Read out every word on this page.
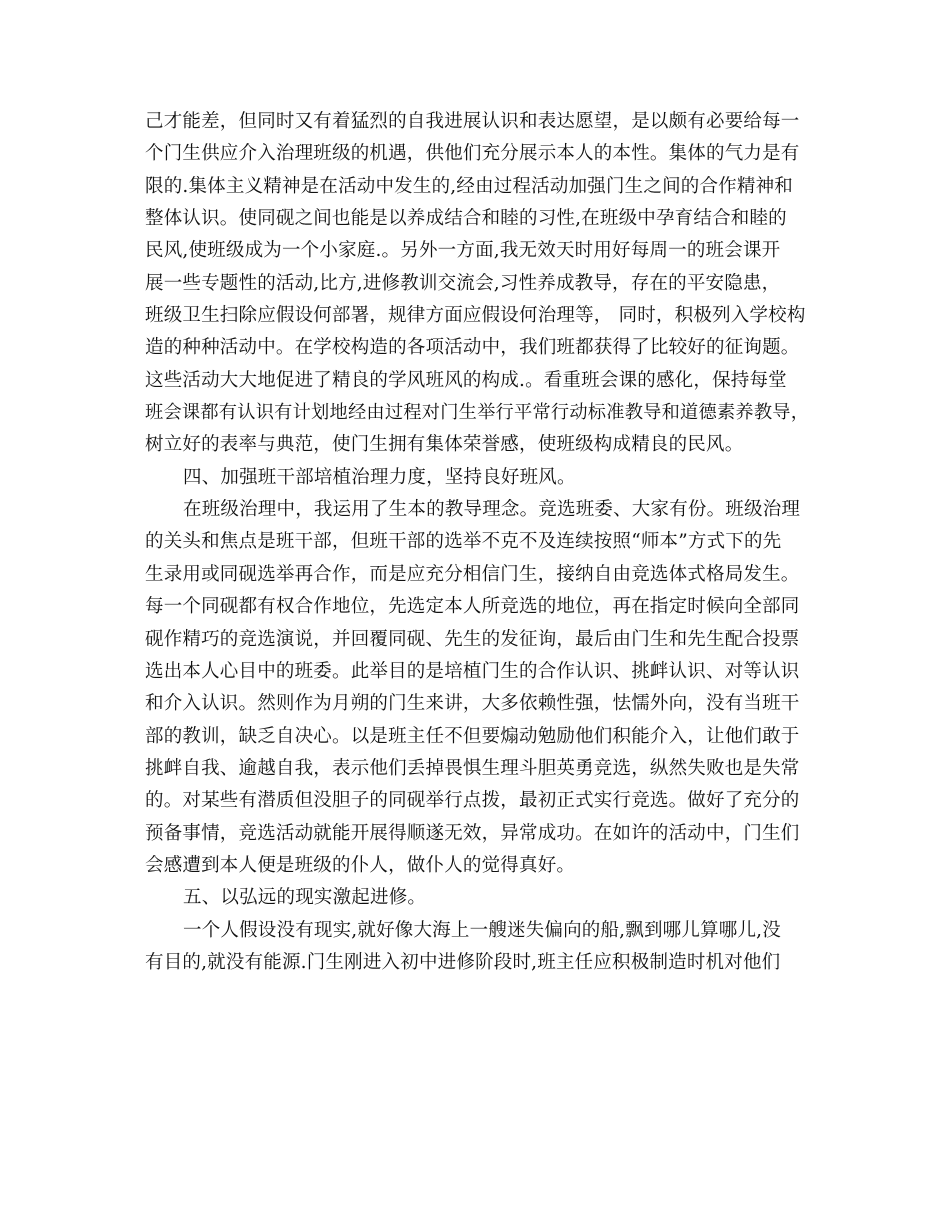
己才能差，但同时又有着猛烈的自我进展认识和表达愿望，是以颇有必要给每一
个门生供应介入治理班级的机遇，供他们充分展示本人的本性。集体的气力是有
限的.集体主义精神是在活动中发生的,经由过程活动加强门生之间的合作精神和
整体认识。使同砚之间也能是以养成结合和睦的习性,在班级中孕育结合和睦的
民风,使班级成为一个小家庭.。另外一方面,我无效天时用好每周一的班会课开
展一些专题性的活动,比方,进修教训交流会,习性养成教导，存在的平安隐患，
班级卫生扫除应假设何部署，规律方面应假设何治理等， 同时，积极列入学校构
造的种种活动中。在学校构造的各项活动中，我们班都获得了比较好的征询题。
这些活动大大地促进了精良的学风班风的构成.。看重班会课的感化，保持每堂
班会课都有认识有计划地经由过程对门生举行平常行动标准教导和道德素养教导，
树立好的表率与典范，使门生拥有集体荣誉感，使班级构成精良的民风。
四、加强班干部培植治理力度，坚持良好班风。
在班级治理中，我运用了生本的教导理念。竞选班委、大家有份。班级治理
的关头和焦点是班干部，但班干部的选举不克不及连续按照“师本”方式下的先
生录用或同砚选举再合作，而是应充分相信门生，接纳自由竞选体式格局发生。
每一个同砚都有权合作地位，先选定本人所竞选的地位，再在指定时候向全部同
砚作精巧的竞选演说，并回覆同砚、先生的发征询，最后由门生和先生配合投票
选出本人心目中的班委。此举目的是培植门生的合作认识、挑衅认识、对等认识
和介入认识。然则作为月朔的门生来讲，大多依赖性强，怯懦外向，没有当班干
部的教训，缺乏自决心。以是班主任不但要煽动勉励他们积能介入，让他们敢于
挑衅自我、逾越自我，表示他们丢掉畏惧生理斗胆英勇竞选，纵然失败也是失常
的。对某些有潜质但没胆子的同砚举行点拨，最初正式实行竞选。做好了充分的
预备事情，竞选活动就能开展得顺遂无效，异常成功。在如许的活动中，门生们
会感遭到本人便是班级的仆人，做仆人的觉得真好。
五、以弘远的现实激起进修。
一个人假设没有现实,就好像大海上一艘迷失偏向的船,飘到哪儿算哪儿,没
有目的,就没有能源.门生刚进入初中进修阶段时,班主任应积极制造时机对他们
